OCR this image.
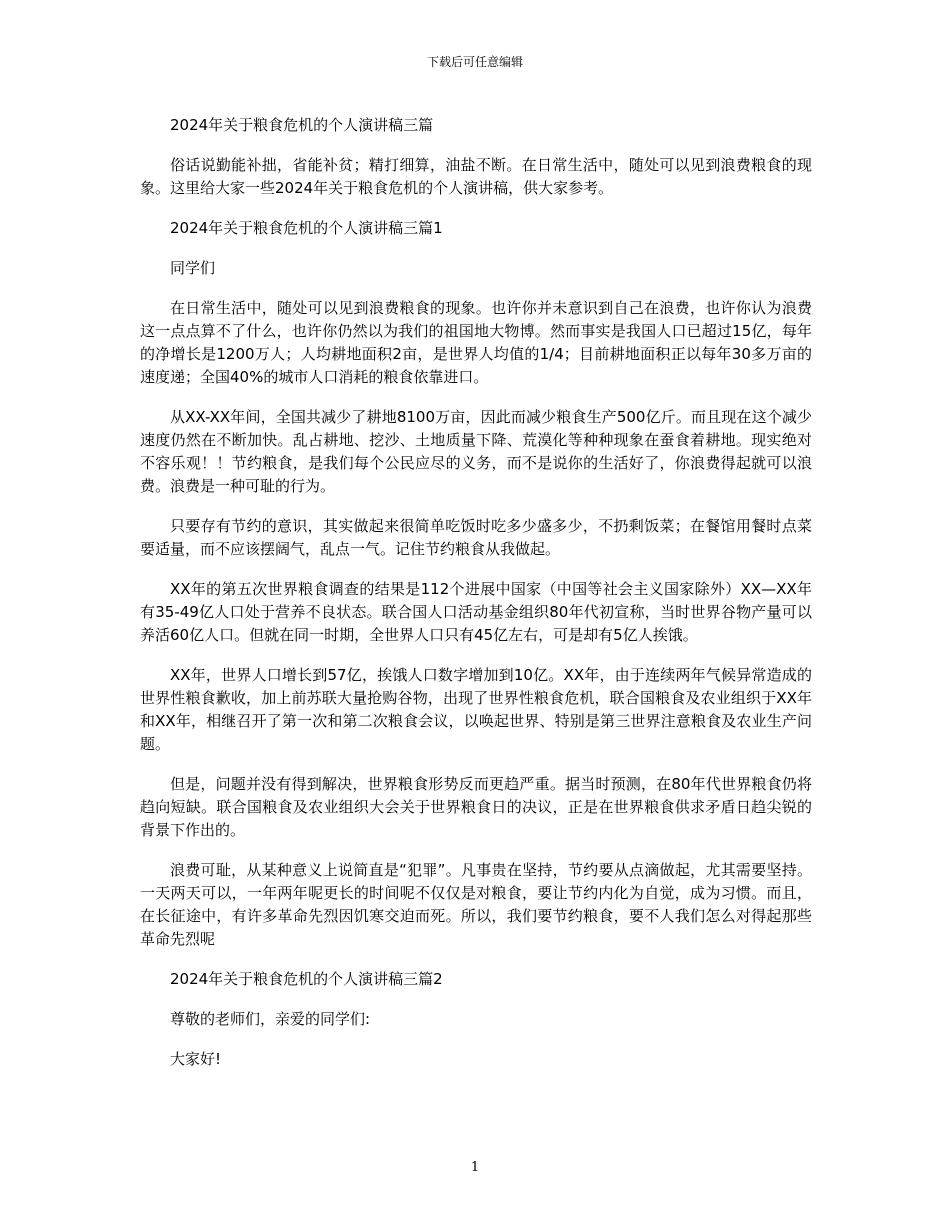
下载后可任意编辑

2024年关于粮食危机的个人演讲稿三篇

俗话说勤能补拙，省能补贫；精打细算，油盐不断。在日常生活中，随处可以见到浪费粮食的现象。这里给大家一些2024年关于粮食危机的个人演讲稿，供大家参考。

2024年关于粮食危机的个人演讲稿三篇1

同学们

在日常生活中，随处可以见到浪费粮食的现象。也许你并未意识到自己在浪费，也许你认为浪费这一点点算不了什么，也许你仍然以为我们的祖国地大物博。然而事实是我国人口已超过15亿，每年的净增长是1200万人；人均耕地面积2亩，是世界人均值的1/4；目前耕地面积正以每年30多万亩的速度递；全国40%的城市人口消耗的粮食依靠进口。

从XX-XX年间，全国共减少了耕地8100万亩，因此而减少粮食生产500亿斤。而且现在这个减少速度仍然在不断加快。乱占耕地、挖沙、土地质量下降、荒漠化等种种现象在蚕食着耕地。现实绝对不容乐观！！节约粮食，是我们每个公民应尽的义务，而不是说你的生活好了，你浪费得起就可以浪费。浪费是一种可耻的行为。

只要存有节约的意识，其实做起来很简单吃饭时吃多少盛多少，不扔剩饭菜；在餐馆用餐时点菜要适量，而不应该摆阔气，乱点一气。记住节约粮食从我做起。

XX年的第五次世界粮食调查的结果是112个进展中国家（中国等社会主义国家除外）XX—XX年有35-49亿人口处于营养不良状态。联合国人口活动基金组织80年代初宣称，当时世界谷物产量可以养活60亿人口。但就在同一时期，全世界人口只有45亿左右，可是却有5亿人挨饿。

XX年，世界人口增长到57亿，挨饿人口数字增加到10亿。XX年，由于连续两年气候异常造成的世界性粮食歉收，加上前苏联大量抢购谷物，出现了世界性粮食危机，联合国粮食及农业组织于XX年和XX年，相继召开了第一次和第二次粮食会议，以唤起世界、特别是第三世界注意粮食及农业生产问题。

但是，问题并没有得到解决，世界粮食形势反而更趋严重。据当时预测，在80年代世界粮食仍将趋向短缺。联合国粮食及农业组织大会关于世界粮食日的决议，正是在世界粮食供求矛盾日趋尖锐的背景下作出的。

浪费可耻，从某种意义上说简直是“犯罪”。凡事贵在坚持，节约要从点滴做起，尤其需要坚持。一天两天可以，一年两年呢更长的时间呢不仅仅是对粮食，要让节约内化为自觉，成为习惯。而且，在长征途中，有许多革命先烈因饥寒交迫而死。所以，我们要节约粮食，要不人我们怎么对得起那些革命先烈呢

2024年关于粮食危机的个人演讲稿三篇2

尊敬的老师们，亲爱的同学们:

大家好!

1
